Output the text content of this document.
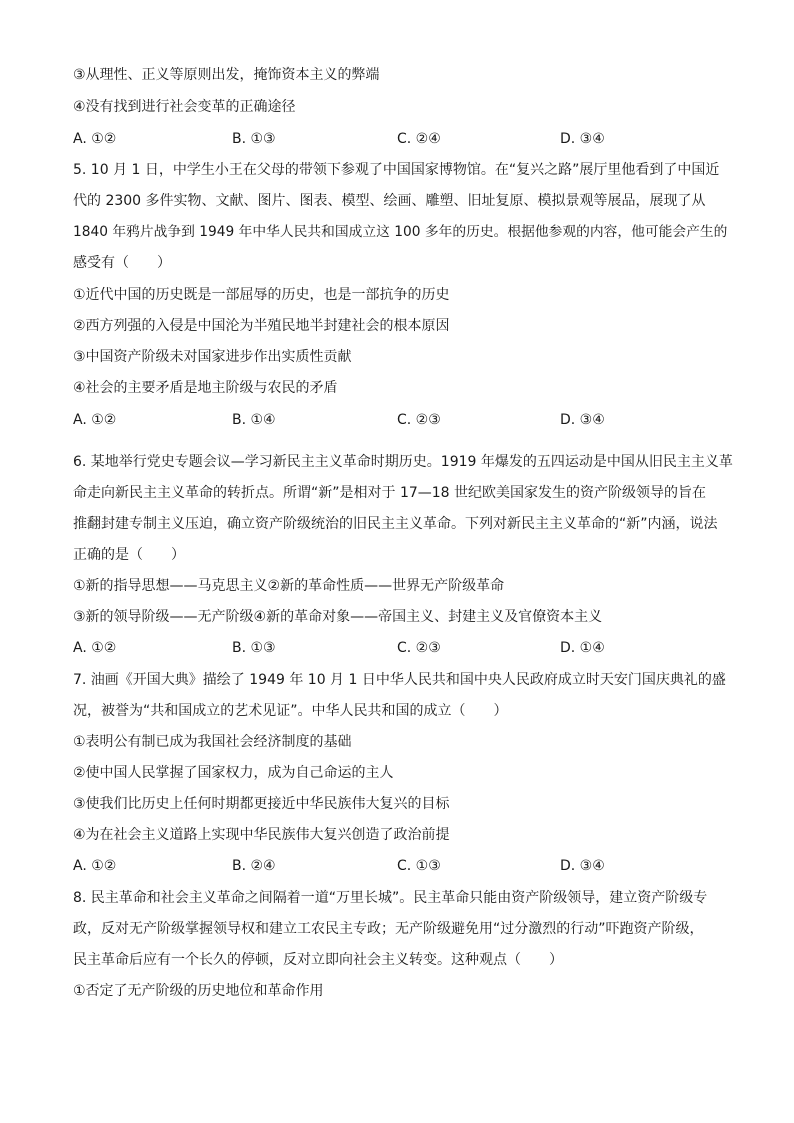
③从理性、正义等原则出发，掩饰资本主义的弊端
④没有找到进行社会变革的正确途径
A. ①②	B. ①③	C. ②④	D. ③④
5. 10 月 1 日，中学生小王在父母的带领下参观了中国国家博物馆。在“复兴之路”展厅里他看到了中国近
代的 2300 多件实物、文献、图片、图表、模型、绘画、雕塑、旧址复原、模拟景观等展品，展现了从
1840 年鸦片战争到 1949 年中华人民共和国成立这 100 多年的历史。根据他参观的内容，他可能会产生的
感受有（　　）
①近代中国的历史既是一部屈辱的历史，也是一部抗争的历史
②西方列强的入侵是中国沦为半殖民地半封建社会的根本原因
③中国资产阶级未对国家进步作出实质性贡献
④社会的主要矛盾是地主阶级与农民的矛盾
A. ①②	B. ①④	C. ②③	D. ③④
6. 某地举行党史专题会议—学习新民主主义革命时期历史。1919 年爆发的五四运动是中国从旧民主主义革
命走向新民主主义革命的转折点。所谓“新”是相对于 17—18 世纪欧美国家发生的资产阶级领导的旨在
推翻封建专制主义压迫，确立资产阶级统治的旧民主主义革命。下列对新民主主义革命的“新”内涵，说法
正确的是（　　）
①新的指导思想——马克思主义②新的革命性质——世界无产阶级革命
③新的领导阶级——无产阶级④新的革命对象——帝国主义、封建主义及官僚资本主义
A. ①②	B. ①③	C. ②③	D. ①④
7. 油画《开国大典》描绘了 1949 年 10 月 1 日中华人民共和国中央人民政府成立时天安门国庆典礼的盛
况，被誉为“共和国成立的艺术见证”。中华人民共和国的成立（　　）
①表明公有制已成为我国社会经济制度的基础
②使中国人民掌握了国家权力，成为自己命运的主人
③使我们比历史上任何时期都更接近中华民族伟大复兴的目标
④为在社会主义道路上实现中华民族伟大复兴创造了政治前提
A. ①②	B. ②④	C. ①③	D. ③④
8. 民主革命和社会主义革命之间隔着一道“万里长城”。民主革命只能由资产阶级领导，建立资产阶级专
政，反对无产阶级掌握领导权和建立工农民主专政；无产阶级避免用“过分激烈的行动”吓跑资产阶级，
民主革命后应有一个长久的停顿，反对立即向社会主义转变。这种观点（　　）
①否定了无产阶级的历史地位和革命作用
